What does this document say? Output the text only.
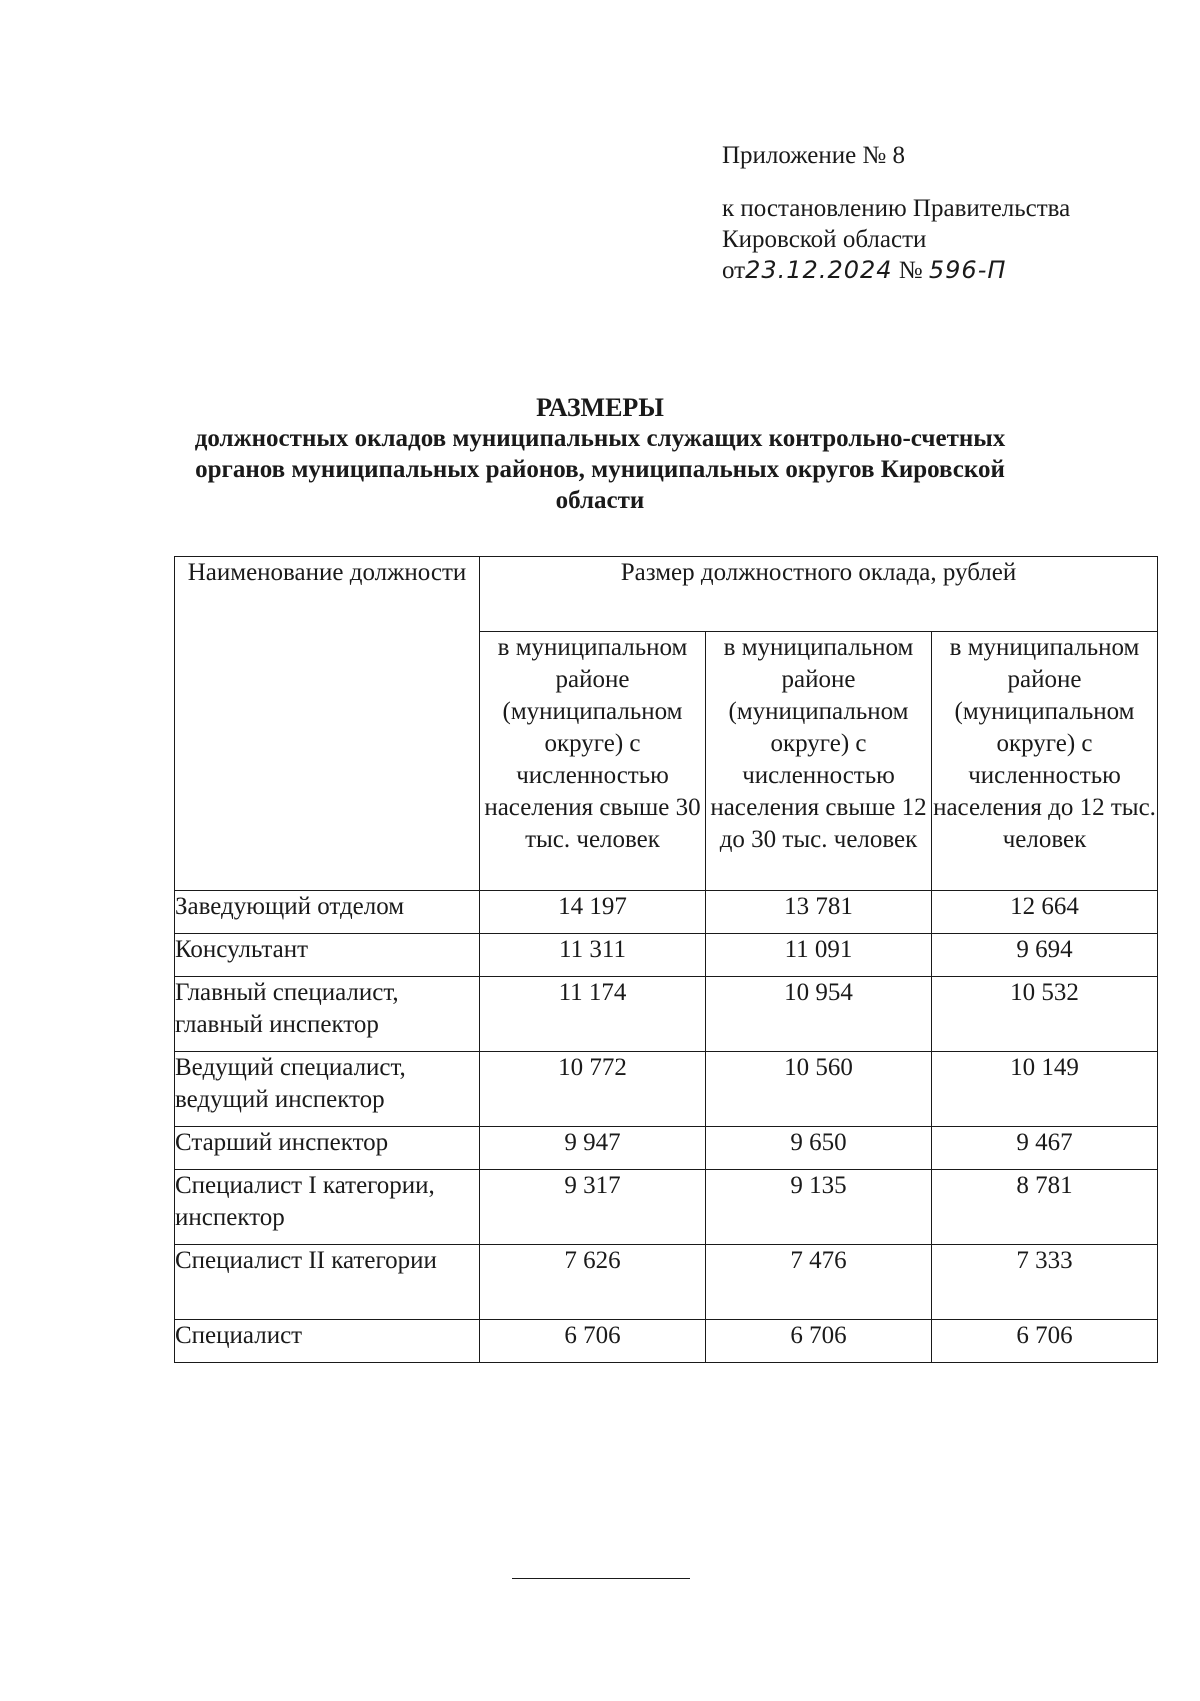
Приложение № 8
к постановлению Правительства
Кировской области
от23.12.2024 № 596-П
РАЗМЕРЫ
должностных окладов муниципальных служащих контрольно-счетных
органов муниципальных районов, муниципальных округов Кировской
области
Наименование должности	Размер должностного оклада, рублей		
	в муниципальном районе (муниципальном округе) с численностью населения свыше 30 тыс. человек	в муниципальном районе (муниципальном округе) с численностью населения свыше 12 до 30 тыс. человек	в муниципальном районе (муниципальном округе) с численностью населения до 12 тыс. человек
Заведующий отделом	14 197	13 781	12 664
Консультант	11 311	11 091	9 694
Главный специалист, главный инспектор	11 174	10 954	10 532
Ведущий специалист, ведущий инспектор	10 772	10 560	10 149
Старший инспектор	9 947	9 650	9 467
Специалист I категории, инспектор	9 317	9 135	8 781
Специалист II категории	7 626	7 476	7 333
Специалист	6 706	6 706	6 706
